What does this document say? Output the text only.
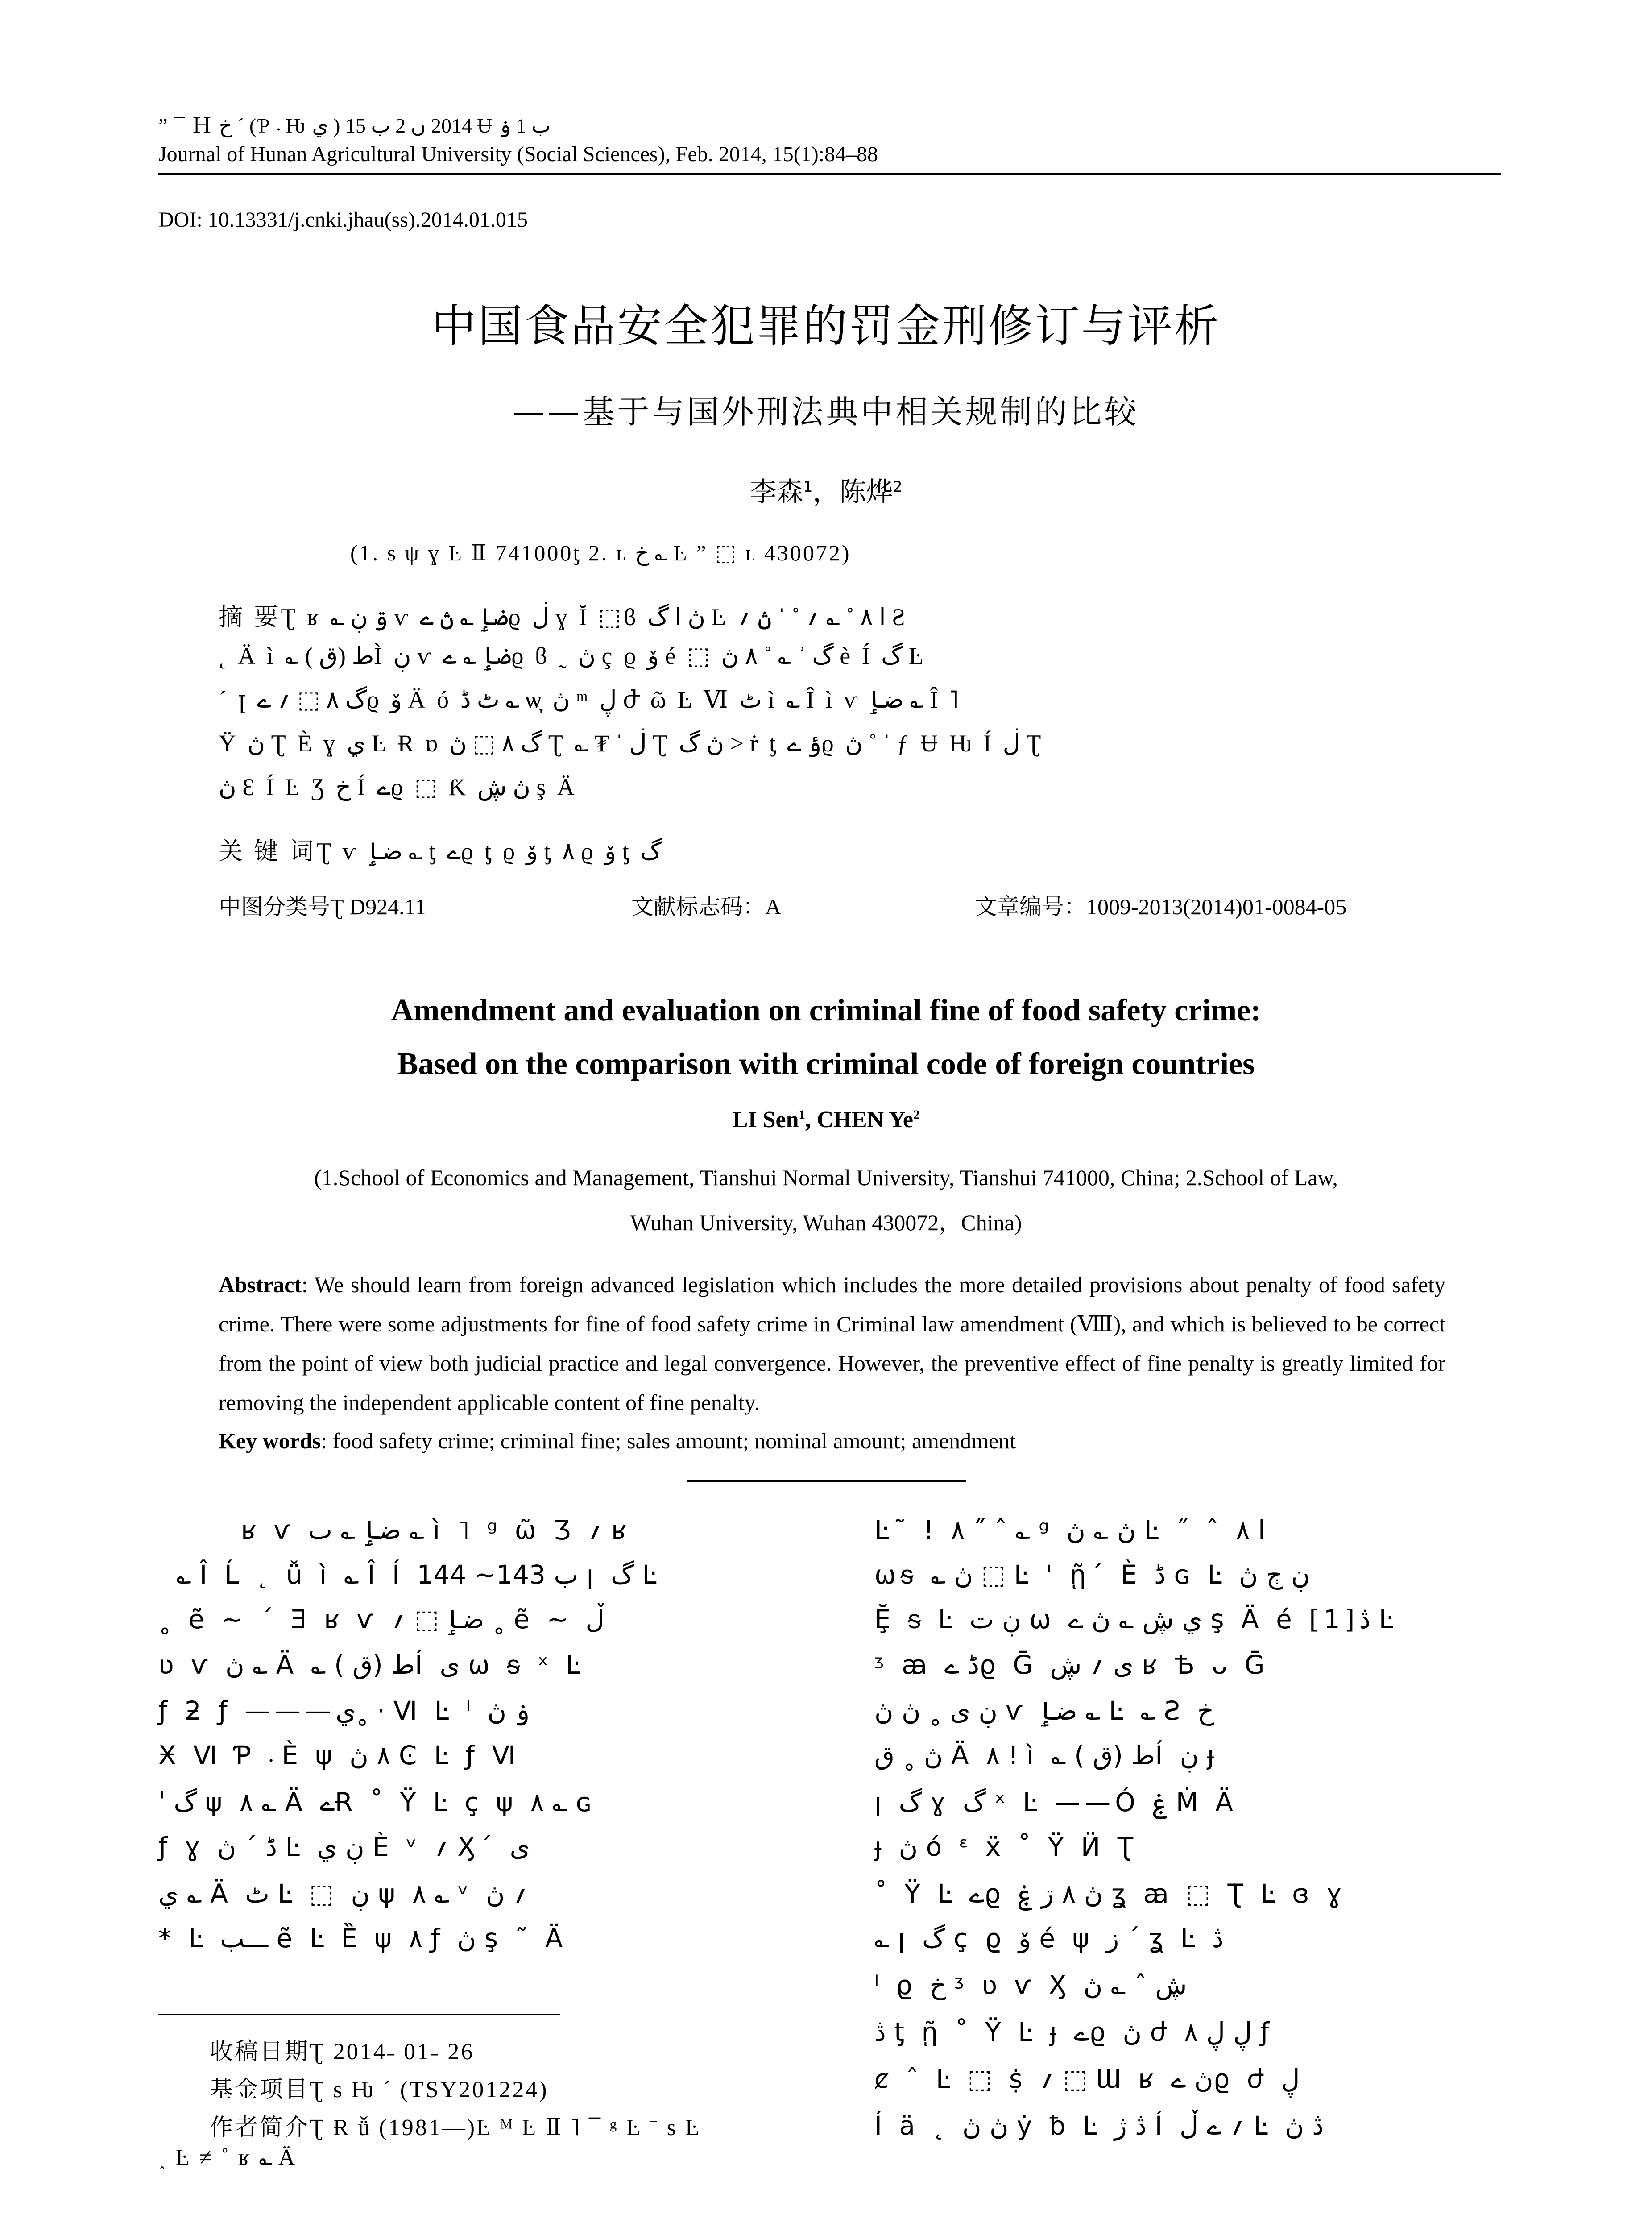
” ¯ Ｈ خ ˊ (Ƥ ܁ Ƕ ي ) 2014 ں 2 ب 15 Ʉ ب 1 ۏ
Journal of Hunan Agricultural University (Social Sciences), Feb. 2014, 15(1):84–88
DOI: 10.13331/j.cnki.jhau(ss).2014.01.015
中国食品安全犯罪的罚金刑修订与评析
——基于与国外刑法典中相关规制的比较
李森$^1$，陈烨$^2$
(1. ѕ ψ ɣ Ŀ Ⅱ 741000ƫ 2. ʟ خ ؎ Ŀ ” ⬚ ʟ 430072)
摘 要Ʈ ʁ ؎ ۊ ڹ ѵ ضٳ ؎ ڽ ےϱ ڶ ɣ Ĭ ⬚ϐ ڽ ا گ Ŀ ا ٨ ˚ ؎ ؍ ˚ ˈ ڽ ؍ Ƨ
˛ Ä ì ؎ ط (ق )Ì ڹ ѵ ضٳ ؎ ےϱ ϐ ˷ ڽ ç ϱ ۆ é ⬚ ٨ ڽ ˚ ؎ ʾ گ è Í گ Ŀ
ˊ ꞁ گ ٨ ⬚ ؍ ےϱ ۆ Ä ó ٹ ڈ ؎ ѡ͎ ڽ ᵐ ڸ ժ ῶ Ŀ Ⅵ ٹ ì ؎ Î ì ѵ ضٳ ؎ Î ˥
Ÿ ڽ Ʈ È ɣ ي Ŀ Ɍ ɒ گ ٨ ⬚ ڽ Ʈ ؎ ₮ ˈ ڶ Ʈ ڽ گ ˃ ṙ ƫ ؤ ےϱ ڽ ˚ ˈ ƒ Ʉ Ƕ Í ڶ Ʈ
ڽ Ɛ Í Ŀ Ʒ خ Í ےϱ ⬚ Ƙ ڽ ڜ ş Ä
关 键 词Ʈ ѵ ضٳ ؎ ƫ ےϱ ƫ ϱ ۆ ƫ ٨ ϱ ۆ ƫ گ
中图分类号Ʈ D924.11	文献标志码：A	文章编号：1009-2013(2014)01-0084-05
Amendment and evaluation on criminal fine of food safety crime:
Based on the comparison with criminal code of foreign countries
LI Sen$^1$, CHEN Ye$^2$
(1.School of Economics and Management, Tianshui Normal University, Tianshui 741000, China; 2.School of Law,
Wuhan University, Wuhan 430072，China)
Abstract: We should learn from foreign advanced legislation which includes the more detailed provisions about penalty of food safety crime. There were some adjustments for fine of food safety crime in Criminal law amendment (Ⅷ), and which is believed to be correct from the point of view both judicial practice and legal convergence. However, the preventive effect of fine penalty is greatly limited for removing the independent applicable content of fine penalty.
Key words: food safety crime; criminal fine; sales amount; nominal amount; amendment
ʁ ѵ ضٳ ؎ ٮ ؎ ì ˥ ᵍ ῶ Ʒ ؍ ʁ
؎ Î Ĺ ˛ ǚ ì ؎ Î Í ب 143~ 144 ꞁ گ Ŀ
˳ ẽ ~ ˊ Ǝ ʁ ѵ ضٳ ⬚ ؍ ˳ ẽ ~ ڵ
ʋ ѵ ڽ ؎ Ä ؎ ط (ق )Í ى ѡ ᵴ ˣ Ŀ
ƒ ƻ ƒ ———ي˳ · Ⅵ Ŀ ˡ ۏ ڽ
Ӿ Ⅵ Ƥ ܁ È ψ ٨ ڽ Ͼ Ŀ ƒ Ⅵ
ˈ گ ψ ٨ ؎ Ä ےɌ ˚ Ÿ Ŀ ç ψ ٨ ؎ ɢ
ƒ ɣ ڈ ˊ ڽ Ŀ ڹ ي È ᵛ ؍ Ӽ´ ى
ي ؎ Ä ٹ Ŀ ⬚ ڹ ψ ٨ ؎ ᵛ ؍ ڽ
* Ŀ ـــب ẽ Ŀ Ȅ ψ ٨ ƒ ڽ ş ˜ Ä
收稿日期Ʈ 2014˗ 01˗ 26
基金项目Ʈ ѕ Ƕ ˊ (TSY201224)
作者简介Ʈ Ɍ ǚ (1981—)Ŀ ᴹ Ŀ Ⅱ ˥ ¯ ᵍ Ŀ ˉ ѕ Ŀ
˰ Ŀ ≠ ˚ ʁ ؎ Ä
Ŀ˜ ! ٨ ˝ ˆ ؎ ᵍ ڽ ؎ ڽ Ŀ ˝ ˆ ا ٨
ѡᵴ ؎ ڽ ⬚ Ŀ ' ῇ´ È ڈ ɢ Ŀ ڹ ڄ ڽ
Ḝ ᵴ Ŀ ڹ ت ѡ ي ڜ ؎ ڽ ے ş Ä é [1]ڎ Ŀ
ᶾ ꜳ ڈ ےϱ Ḡ ى ؍ ڜ ʁ Ѣ ᴗ Ḡ
ڹ ى ˳ ڽ ڽ ѵ ضٳ ؎ Ŀ ؎ Ƨ خ
ڽ ˳ ق Ä ٨ ! ì ؎ ط (ق )Í ڹ ɟ
ꞁ گ ɣ گ ˣ Ŀ ——Ó ۼ Ṁ Ä
ɟ ڽ ó ᵋ ẍ ˚ Ÿ Ӥ Ʈ
˚ Ÿ Ŀ ےϱ ڽ ٨ ڗ ۼ ʓ ꜳ ⬚ Ʈ Ŀ ɞ ɣ
؎ ꞁ گ ç ϱ ۆ é ψ ز ´ ʓ Ŀ ڎ
ˡ ϱ خ ᶾ ʋ ѵ Ӽ ڜ ˆ ؎ ڽ
ڎ ƫ ῇ ˚ Ÿ Ŀ ɟ ےϱ ڽ ժ ڸ ڸ ٨ ƒ
ȼ ˆ Ŀ ⬚ ṩ ؍ ⬚ Ɯ ʁ ڽ ےϱ ժ ڸ
Í ä ˛ ڽ ڽ ẏ ƀ Ŀ ڎ ژ Í ؍ ے ڵ Ŀ ڎ ڽ
